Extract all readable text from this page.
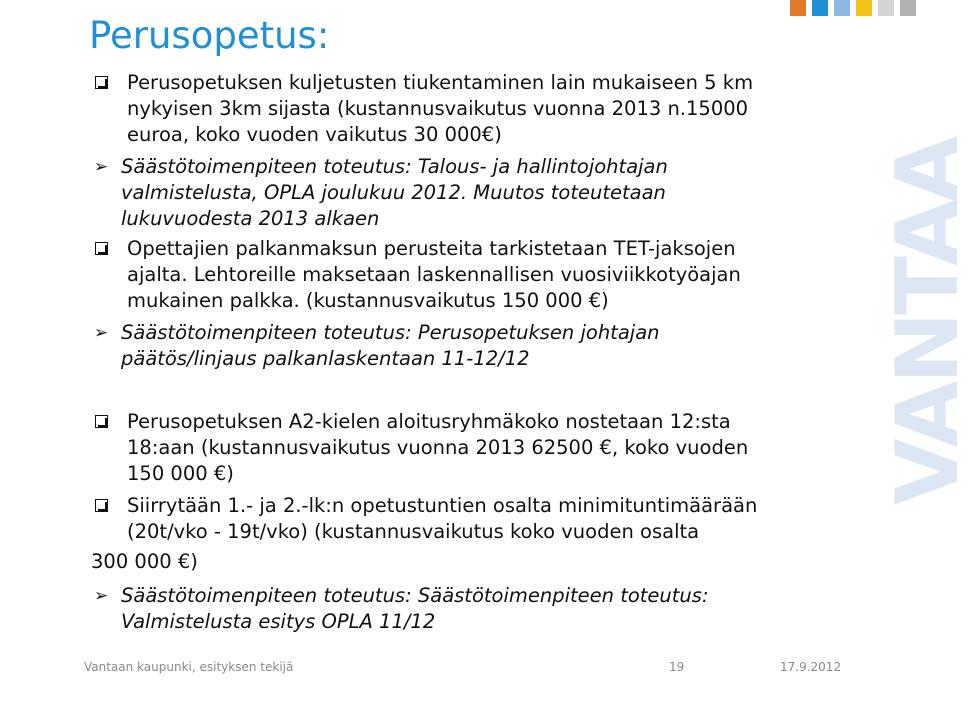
VANTAA
Perusopetus:
Perusopetuksen kuljetusten tiukentaminen lain mukaiseen 5 km
nykyisen 3km sijasta (kustannusvaikutus vuonna 2013 n.15000
euroa, koko vuoden vaikutus 30 000€)
➢ Säästötoimenpiteen toteutus: Talous- ja hallintojohtajan
valmistelusta, OPLA joulukuu 2012. Muutos toteutetaan
lukuvuodesta 2013 alkaen
Opettajien palkanmaksun perusteita tarkistetaan TET-jaksojen
ajalta. Lehtoreille maksetaan laskennallisen vuosiviikkotyöajan
mukainen palkka. (kustannusvaikutus 150 000 €)
➢ Säästötoimenpiteen toteutus: Perusopetuksen johtajan
päätös/linjaus palkanlaskentaan 11-12/12
Perusopetuksen A2-kielen aloitusryhmäkoko nostetaan 12:sta
18:aan (kustannusvaikutus vuonna 2013 62500 €, koko vuoden
150 000 €)
Siirrytään 1.- ja 2.-lk:n opetustuntien osalta minimituntimäärään
(20t/vko - 19t/vko) (kustannusvaikutus koko vuoden osalta
300 000 €)
➢ Säästötoimenpiteen toteutus: Säästötoimenpiteen toteutus:
Valmistelusta esitys OPLA 11/12
Vantaan kaupunki, esityksen tekijä	19	17.9.2012
